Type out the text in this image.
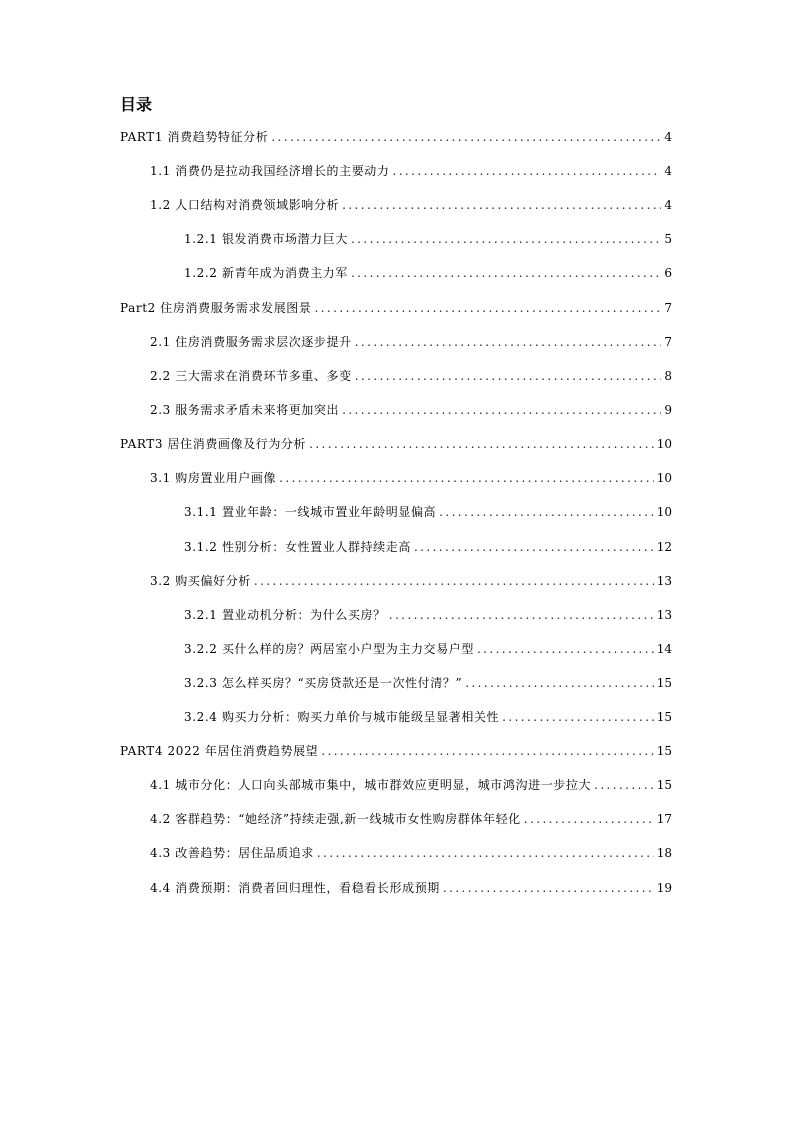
目录
PART1 消费趋势特征分析 .....	4
1.1 消费仍是拉动我国经济增长的主要动力 .....	4
1.2 人口结构对消费领域影响分析 .....	4
1.2.1 银发消费市场潜力巨大 .....	5
1.2.2 新青年成为消费主力军 .....	6
Part2 住房消费服务需求发展图景 .....	7
2.1 住房消费服务需求层次逐步提升 .....	7
2.2 三大需求在消费环节多重、多变 .....	8
2.3 服务需求矛盾未来将更加突出 .....	9
PART3 居住消费画像及行为分析 .....	10
3.1 购房置业用户画像 .....	10
3.1.1 置业年龄：一线城市置业年龄明显偏高 .....	10
3.1.2 性别分析：女性置业人群持续走高 .....	12
3.2 购买偏好分析 .....	13
3.2.1 置业动机分析：为什么买房？ .....	13
3.2.2 买什么样的房？两居室小户型为主力交易户型 .....	14
3.2.3 怎么样买房？“买房贷款还是一次性付清？” .....	15
3.2.4 购买力分析：购买力单价与城市能级呈显著相关性 .....	15
PART4 2022 年居住消费趋势展望 .....	15
4.1 城市分化：人口向头部城市集中，城市群效应更明显，城市鸿沟进一步拉大 .....	15
4.2 客群趋势：“她经济”持续走强,新一线城市女性购房群体年轻化 .....	17
4.3 改善趋势：居住品质追求 .....	18
4.4 消费预期：消费者回归理性，看稳看长形成预期 .....	19
